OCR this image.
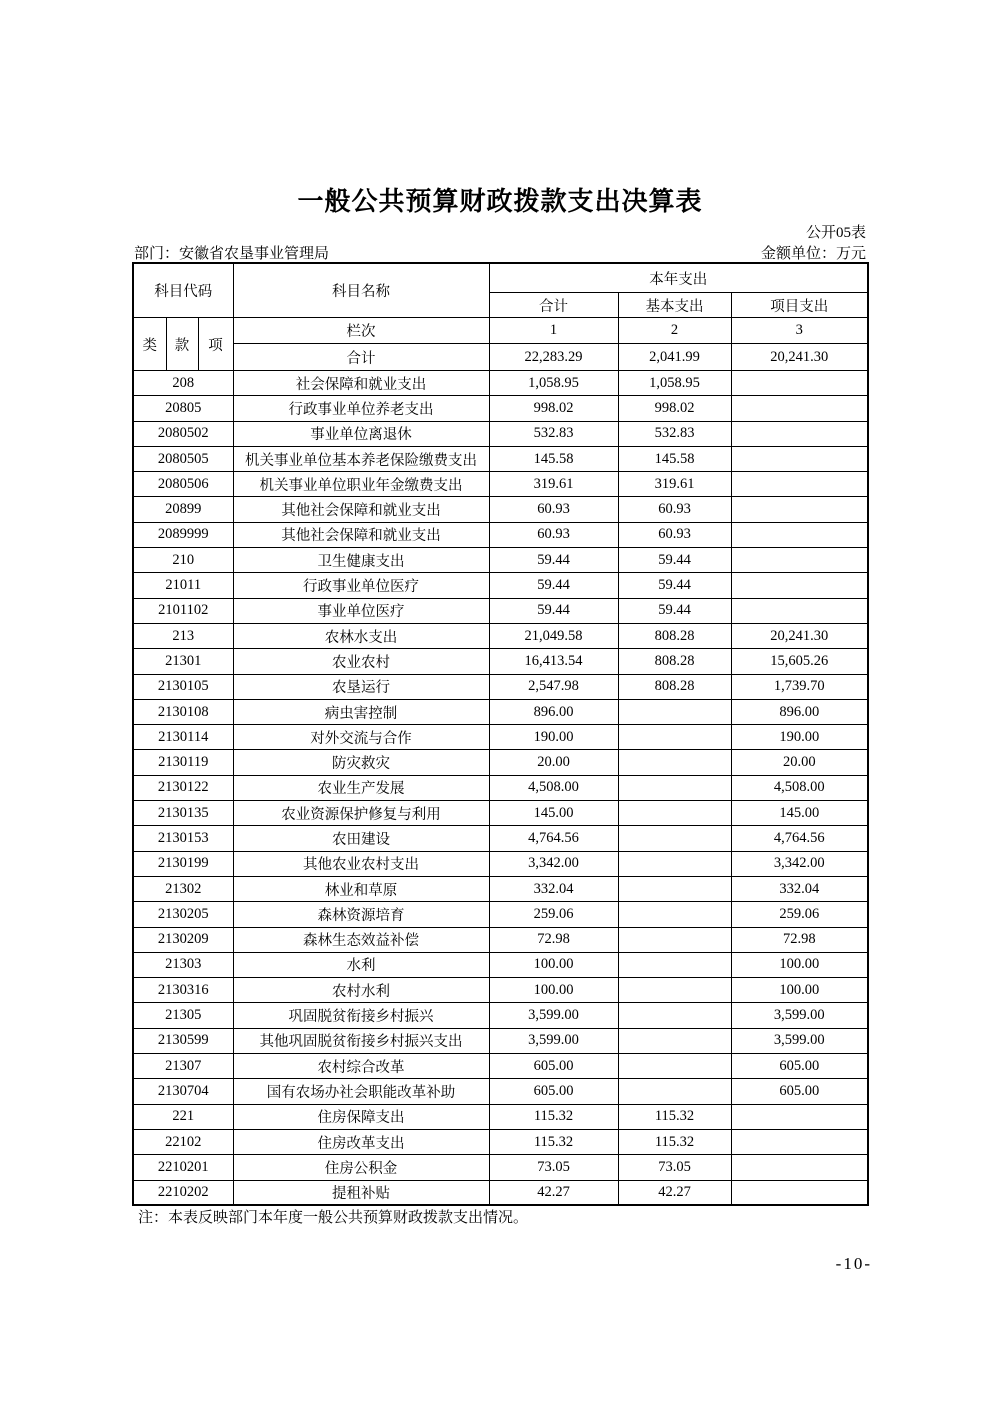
一般公共预算财政拨款支出决算表
公开05表
部门：安徽省农垦事业管理局	金额单位：万元
科目代码			科目名称	本年支出		
				合计	基本支出	项目支出
类	款	项	栏次	1	2	3
			合计	22,283.29	2,041.99	20,241.30
208			社会保障和就业支出	1,058.95	1,058.95	
20805			行政事业单位养老支出	998.02	998.02	
2080502			事业单位离退休	532.83	532.83	
2080505			机关事业单位基本养老保险缴费支出	145.58	145.58	
2080506			机关事业单位职业年金缴费支出	319.61	319.61	
20899			其他社会保障和就业支出	60.93	60.93	
2089999			其他社会保障和就业支出	60.93	60.93	
210			卫生健康支出	59.44	59.44	
21011			行政事业单位医疗	59.44	59.44	
2101102			事业单位医疗	59.44	59.44	
213			农林水支出	21,049.58	808.28	20,241.30
21301			农业农村	16,413.54	808.28	15,605.26
2130105			农垦运行	2,547.98	808.28	1,739.70
2130108			病虫害控制	896.00		896.00
2130114			对外交流与合作	190.00		190.00
2130119			防灾救灾	20.00		20.00
2130122			农业生产发展	4,508.00		4,508.00
2130135			农业资源保护修复与利用	145.00		145.00
2130153			农田建设	4,764.56		4,764.56
2130199			其他农业农村支出	3,342.00		3,342.00
21302			林业和草原	332.04		332.04
2130205			森林资源培育	259.06		259.06
2130209			森林生态效益补偿	72.98		72.98
21303			水利	100.00		100.00
2130316			农村水利	100.00		100.00
21305			巩固脱贫衔接乡村振兴	3,599.00		3,599.00
2130599			其他巩固脱贫衔接乡村振兴支出	3,599.00		3,599.00
21307			农村综合改革	605.00		605.00
2130704			国有农场办社会职能改革补助	605.00		605.00
221			住房保障支出	115.32	115.32	
22102			住房改革支出	115.32	115.32	
2210201			住房公积金	73.05	73.05	
2210202			提租补贴	42.27	42.27	
注：本表反映部门本年度一般公共预算财政拨款支出情况。
-10-
